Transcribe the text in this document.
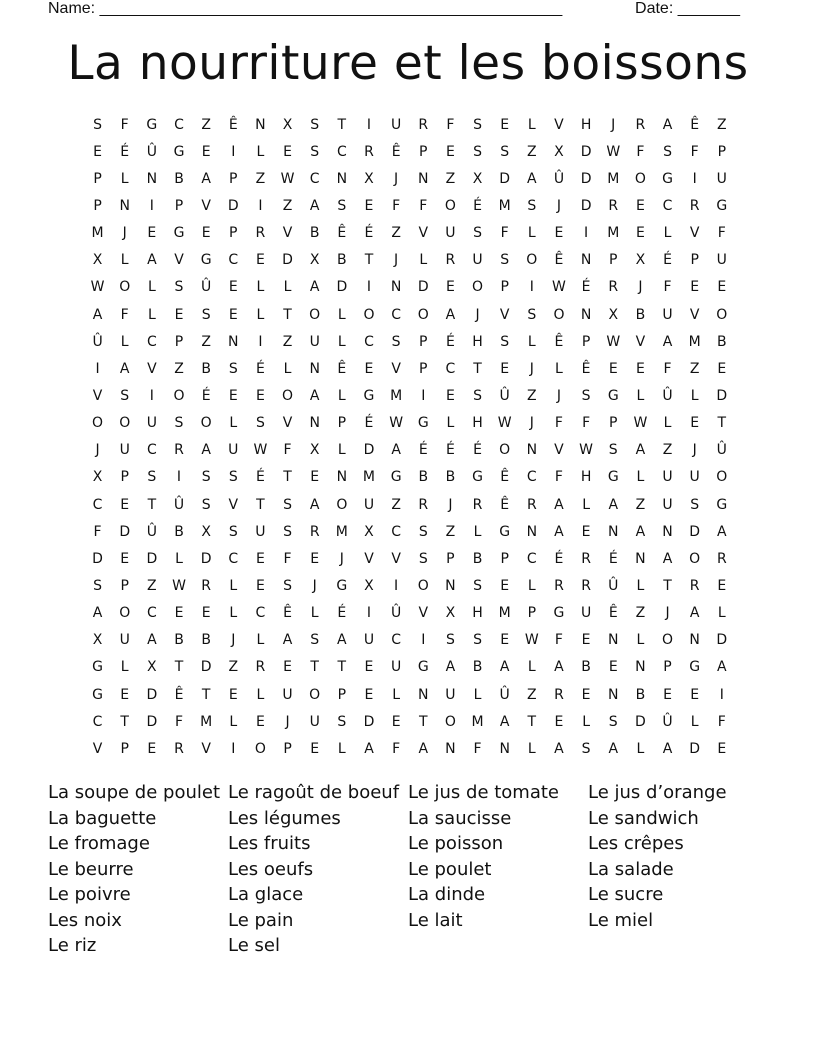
Name: ____________________________________________________	Date: _______
La nourriture et les boissons
S	F	G	C	Z	Ê	N	X	S	T	I	U	R	F	S	E	L	V	H	J	R	A	Ê	Z
E	É	Û	G	E	I	L	E	S	C	R	Ê	P	E	S	S	Z	X	D	W	F	S	F	P
P	L	N	B	A	P	Z	W	C	N	X	J	N	Z	X	D	A	Û	D	M	O	G	I	U
P	N	I	P	V	D	I	Z	A	S	E	F	F	O	É	M	S	J	D	R	E	C	R	G
M	J	E	G	E	P	R	V	B	Ê	É	Z	V	U	S	F	L	E	I	M	E	L	V	F
X	L	A	V	G	C	E	D	X	B	T	J	L	R	U	S	O	Ê	N	P	X	É	P	U
W	O	L	S	Û	E	L	L	A	D	I	N	D	E	O	P	I	W	É	R	J	F	E	E
A	F	L	E	S	E	L	T	O	L	O	C	O	A	J	V	S	O	N	X	B	U	V	O
Û	L	C	P	Z	N	I	Z	U	L	C	S	P	É	H	S	L	Ê	P	W	V	A	M	B
I	A	V	Z	B	S	É	L	N	Ê	E	V	P	C	T	E	J	L	Ê	E	E	F	Z	E
V	S	I	O	É	E	E	O	A	L	G	M	I	E	S	Û	Z	J	S	G	L	Û	L	D
O	O	U	S	O	L	S	V	N	P	É	W	G	L	H	W	J	F	F	P	W	L	E	T
J	U	C	R	A	U	W	F	X	L	D	A	É	É	É	O	N	V	W	S	A	Z	J	Û
X	P	S	I	S	S	É	T	E	N	M	G	B	B	G	Ê	C	F	H	G	L	U	U	O
C	E	T	Û	S	V	T	S	A	O	U	Z	R	J	R	Ê	R	A	L	A	Z	U	S	G
F	D	Û	B	X	S	U	S	R	M	X	C	S	Z	L	G	N	A	E	N	A	N	D	A
D	E	D	L	D	C	E	F	E	J	V	V	S	P	B	P	C	É	R	É	N	A	O	R
S	P	Z	W	R	L	E	S	J	G	X	I	O	N	S	E	L	R	R	Û	L	T	R	E
A	O	C	E	E	L	C	Ê	L	É	I	Û	V	X	H	M	P	G	U	Ê	Z	J	A	L
X	U	A	B	B	J	L	A	S	A	U	C	I	S	S	E	W	F	E	N	L	O	N	D
G	L	X	T	D	Z	R	E	T	T	E	U	G	A	B	A	L	A	B	E	N	P	G	A
G	E	D	Ê	T	E	L	U	O	P	E	L	N	U	L	Û	Z	R	E	N	B	E	E	I
C	T	D	F	M	L	E	J	U	S	D	E	T	O	M	A	T	E	L	S	D	Û	L	F
V	P	E	R	V	I	O	P	E	L	A	F	A	N	F	N	L	A	S	A	L	A	D	E
La soupe de poulet
La baguette
Le fromage
Le beurre
Le poivre
Les noix
Le riz
Le ragoût de boeuf
Les légumes
Les fruits
Les oeufs
La glace
Le pain
Le sel
Le jus de tomate
La saucisse
Le poisson
Le poulet
La dinde
Le lait
Le jus d’orange
Le sandwich
Les crêpes
La salade
Le sucre
Le miel
